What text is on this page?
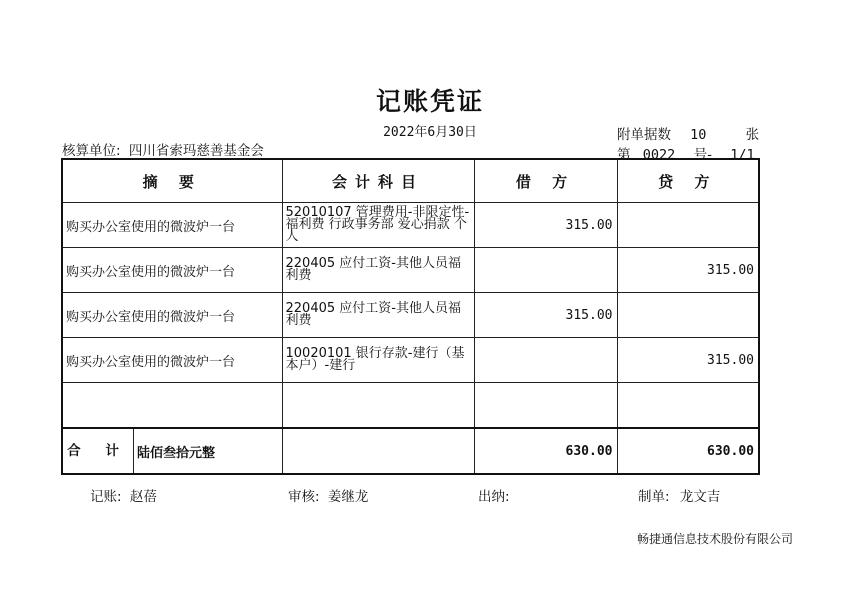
记账凭证
2022年6月30日
核算单位: 四川省索玛慈善基金会
附单据数 10	张
第 0022 号- 1/1
摘 要	会计科目	借 方	贷 方
购买办公室使用的微波炉一台	52010107 管理费用-非限定性-福利费 行政事务部 爱心捐款 个人	315.00	
购买办公室使用的微波炉一台	220405 应付工资-其他人员福利费		315.00
购买办公室使用的微波炉一台	220405 应付工资-其他人员福利费	315.00	
购买办公室使用的微波炉一台	10020101 银行存款-建行（基本户）-建行		315.00

合 计 陆佰叁拾元整		630.00	630.00
记账: 赵蓓	审核: 姜继龙	出纳:	制单: 龙文吉
畅捷通信息技术股份有限公司
